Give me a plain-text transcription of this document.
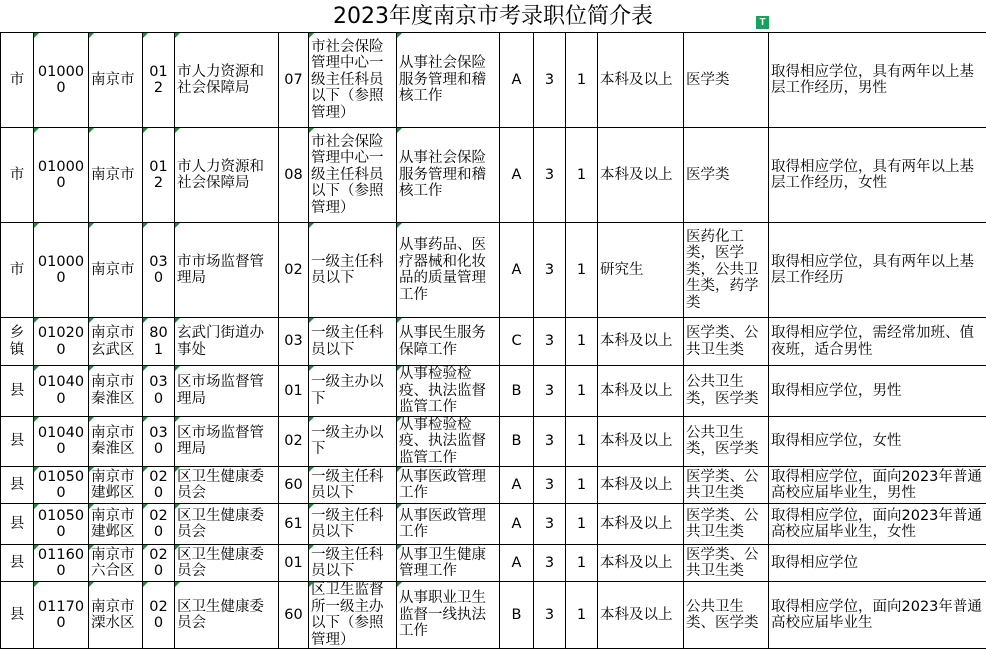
2023年度南京市考录职位简介表	T
市	010000	南京市	012	市人力资源和社会保障局	07	市社会保险管理中心一级主任科员以下（参照管理）	从事社会保险服务管理和稽核工作	A	3	1	本科及以上	医学类	取得相应学位，具有两年以上基层工作经历，男性
市	010000	南京市	012	市人力资源和社会保障局	08	市社会保险管理中心一级主任科员以下（参照管理）	从事社会保险服务管理和稽核工作	A	3	1	本科及以上	医学类	取得相应学位，具有两年以上基层工作经历，女性
市	010000	南京市	030	市市场监督管理局	02	一级主任科员以下	从事药品、医疗器械和化妆品的质量管理工作	A	3	1	研究生	医药化工类，医学类，公共卫生类，药学类	取得相应学位，具有两年以上基层工作经历
乡镇	010200	南京市玄武区	801	玄武门街道办事处	03	一级主任科员以下	从事民生服务保障工作	C	3	1	本科及以上	医学类、公共卫生类	取得相应学位，需经常加班、值夜班，适合男性
县	010400	南京市秦淮区	030	区市场监督管理局	01	一级主办以下	从事检验检疫、执法监督监管工作	B	3	1	本科及以上	公共卫生类，医学类	取得相应学位，男性
县	010400	南京市秦淮区	030	区市场监督管理局	02	一级主办以下	从事检验检疫、执法监督监管工作	B	3	1	本科及以上	公共卫生类，医学类	取得相应学位，女性
县	010500	南京市建邺区	020	区卫生健康委员会	60	一级主任科员以下	从事医政管理工作	A	3	1	本科及以上	医学类、公共卫生类	取得相应学位，面向2023年普通高校应届毕业生，男性
县	010500	南京市建邺区	020	区卫生健康委员会	61	一级主任科员以下	从事医政管理工作	A	3	1	本科及以上	医学类、公共卫生类	取得相应学位，面向2023年普通高校应届毕业生，女性
县	011600	南京市六合区	020	区卫生健康委员会	01	一级主任科员以下	从事卫生健康管理工作	A	3	1	本科及以上	医学类、公共卫生类	取得相应学位
县	011700	南京市溧水区	020	区卫生健康委员会	60	区卫生监督所一级主办以下（参照管理）	从事职业卫生监督一线执法工作	B	3	1	本科及以上	公共卫生类、医学类	取得相应学位，面向2023年普通高校应届毕业生
